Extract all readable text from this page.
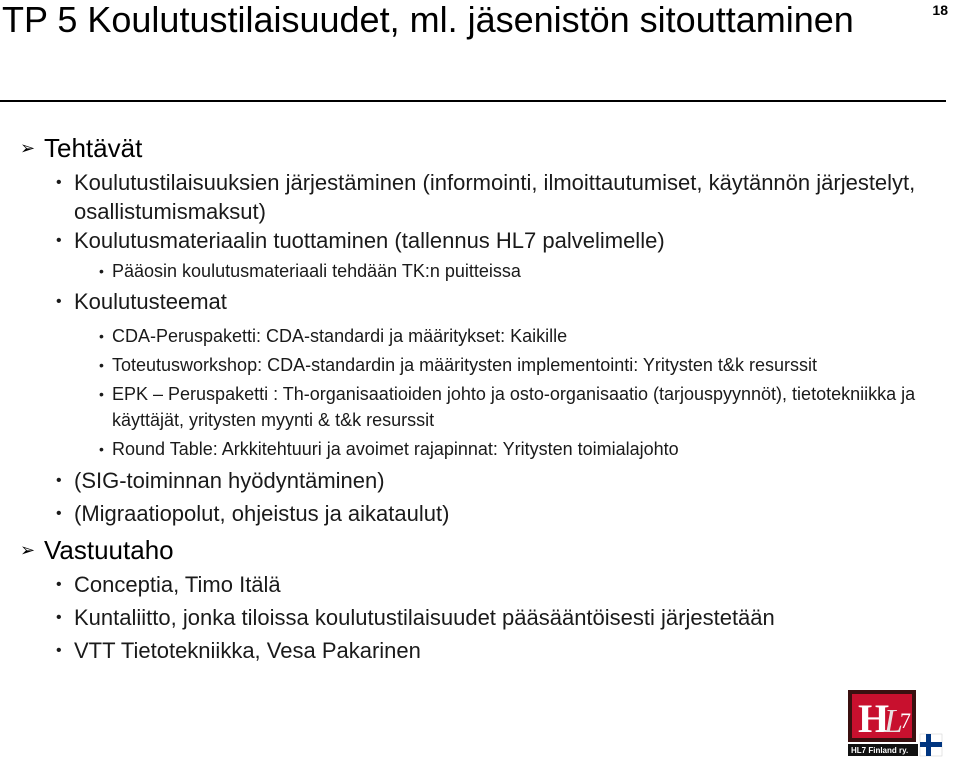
TP 5 Koulutustilaisuudet, ml. jäsenistön sitouttaminen	18
➢ Tehtävät
• Koulutustilaisuuksien järjestäminen (informointi, ilmoittautumiset, käytännön järjestelyt, osallistumismaksut)
• Koulutusmateriaalin tuottaminen (tallennus HL7 palvelimelle)
• Pääosin koulutusmateriaali tehdään TK:n puitteissa
• Koulutusteemat
• CDA-Peruspaketti: CDA-standardi ja määritykset: Kaikille
• Toteutusworkshop: CDA-standardin ja määritysten implementointi: Yritysten t&k resurssit
• EPK – Peruspaketti : Th-organisaatioiden johto ja osto-organisaatio (tarjouspyynnöt), tietotekniikka ja käyttäjät, yritysten myynti & t&k resurssit
• Round Table: Arkkitehtuuri ja avoimet rajapinnat: Yritysten toimialajohto
• (SIG-toiminnan hyödyntäminen)
• (Migraatiopolut, ohjeistus ja aikataulut)
➢ Vastuutaho
• Conceptia, Timo Itälä
• Kuntaliitto, jonka tiloissa koulutustilaisuudet pääsääntöisesti järjestetään
• VTT Tietotekniikka, Vesa Pakarinen
H
L
7
HL7 Finland ry.
